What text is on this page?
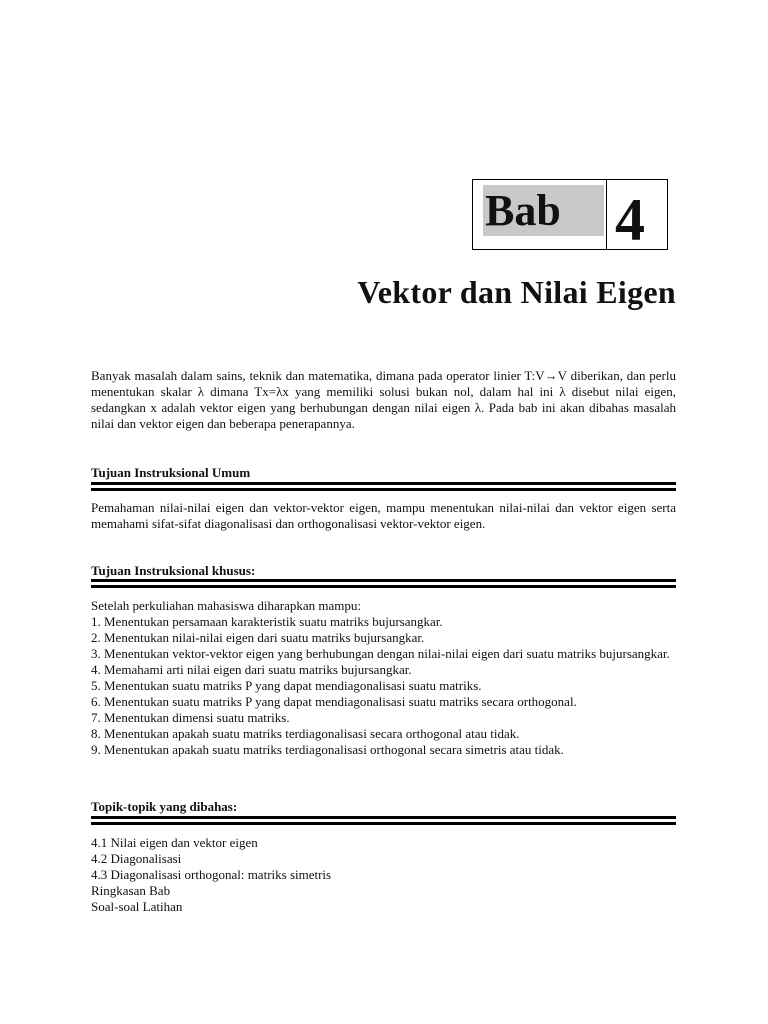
Bab 4
Vektor dan Nilai Eigen

Banyak masalah dalam sains, teknik dan matematika, dimana pada operator linier T:V→V diberikan, dan perlu menentukan skalar λ dimana Tx=λx yang memiliki solusi bukan nol, dalam hal ini λ disebut nilai eigen, sedangkan x adalah vektor eigen yang berhubungan dengan nilai eigen λ. Pada bab ini akan dibahas masalah nilai dan vektor eigen dan beberapa penerapannya.

Tujuan Instruksional Umum

Pemahaman nilai-nilai eigen dan vektor-vektor eigen, mampu menentukan nilai-nilai dan vektor eigen serta memahami sifat-sifat diagonalisasi dan orthogonalisasi vektor-vektor eigen.

Tujuan Instruksional khusus:
Setelah perkuliahan mahasiswa diharapkan mampu:
1. Menentukan persamaan karakteristik suatu matriks bujursangkar.
2. Menentukan nilai-nilai eigen dari suatu matriks bujursangkar.
3. Menentukan vektor-vektor eigen yang berhubungan dengan nilai-nilai eigen dari suatu matriks bujursangkar.
4. Memahami arti nilai eigen dari suatu matriks bujursangkar.
5. Menentukan suatu matriks P yang dapat mendiagonalisasi suatu matriks.
6. Menentukan suatu matriks P yang dapat mendiagonalisasi suatu matriks secara orthogonal.
7. Menentukan dimensi suatu matriks.
8. Menentukan apakah suatu matriks terdiagonalisasi secara orthogonal atau tidak.
9. Menentukan apakah suatu matriks terdiagonalisasi orthogonal secara simetris atau tidak.
Topik-topik yang dibahas:
4.1 Nilai eigen dan vektor eigen
4.2 Diagonalisasi
4.3 Diagonalisasi orthogonal: matriks simetris
Ringkasan Bab
Soal-soal Latihan
